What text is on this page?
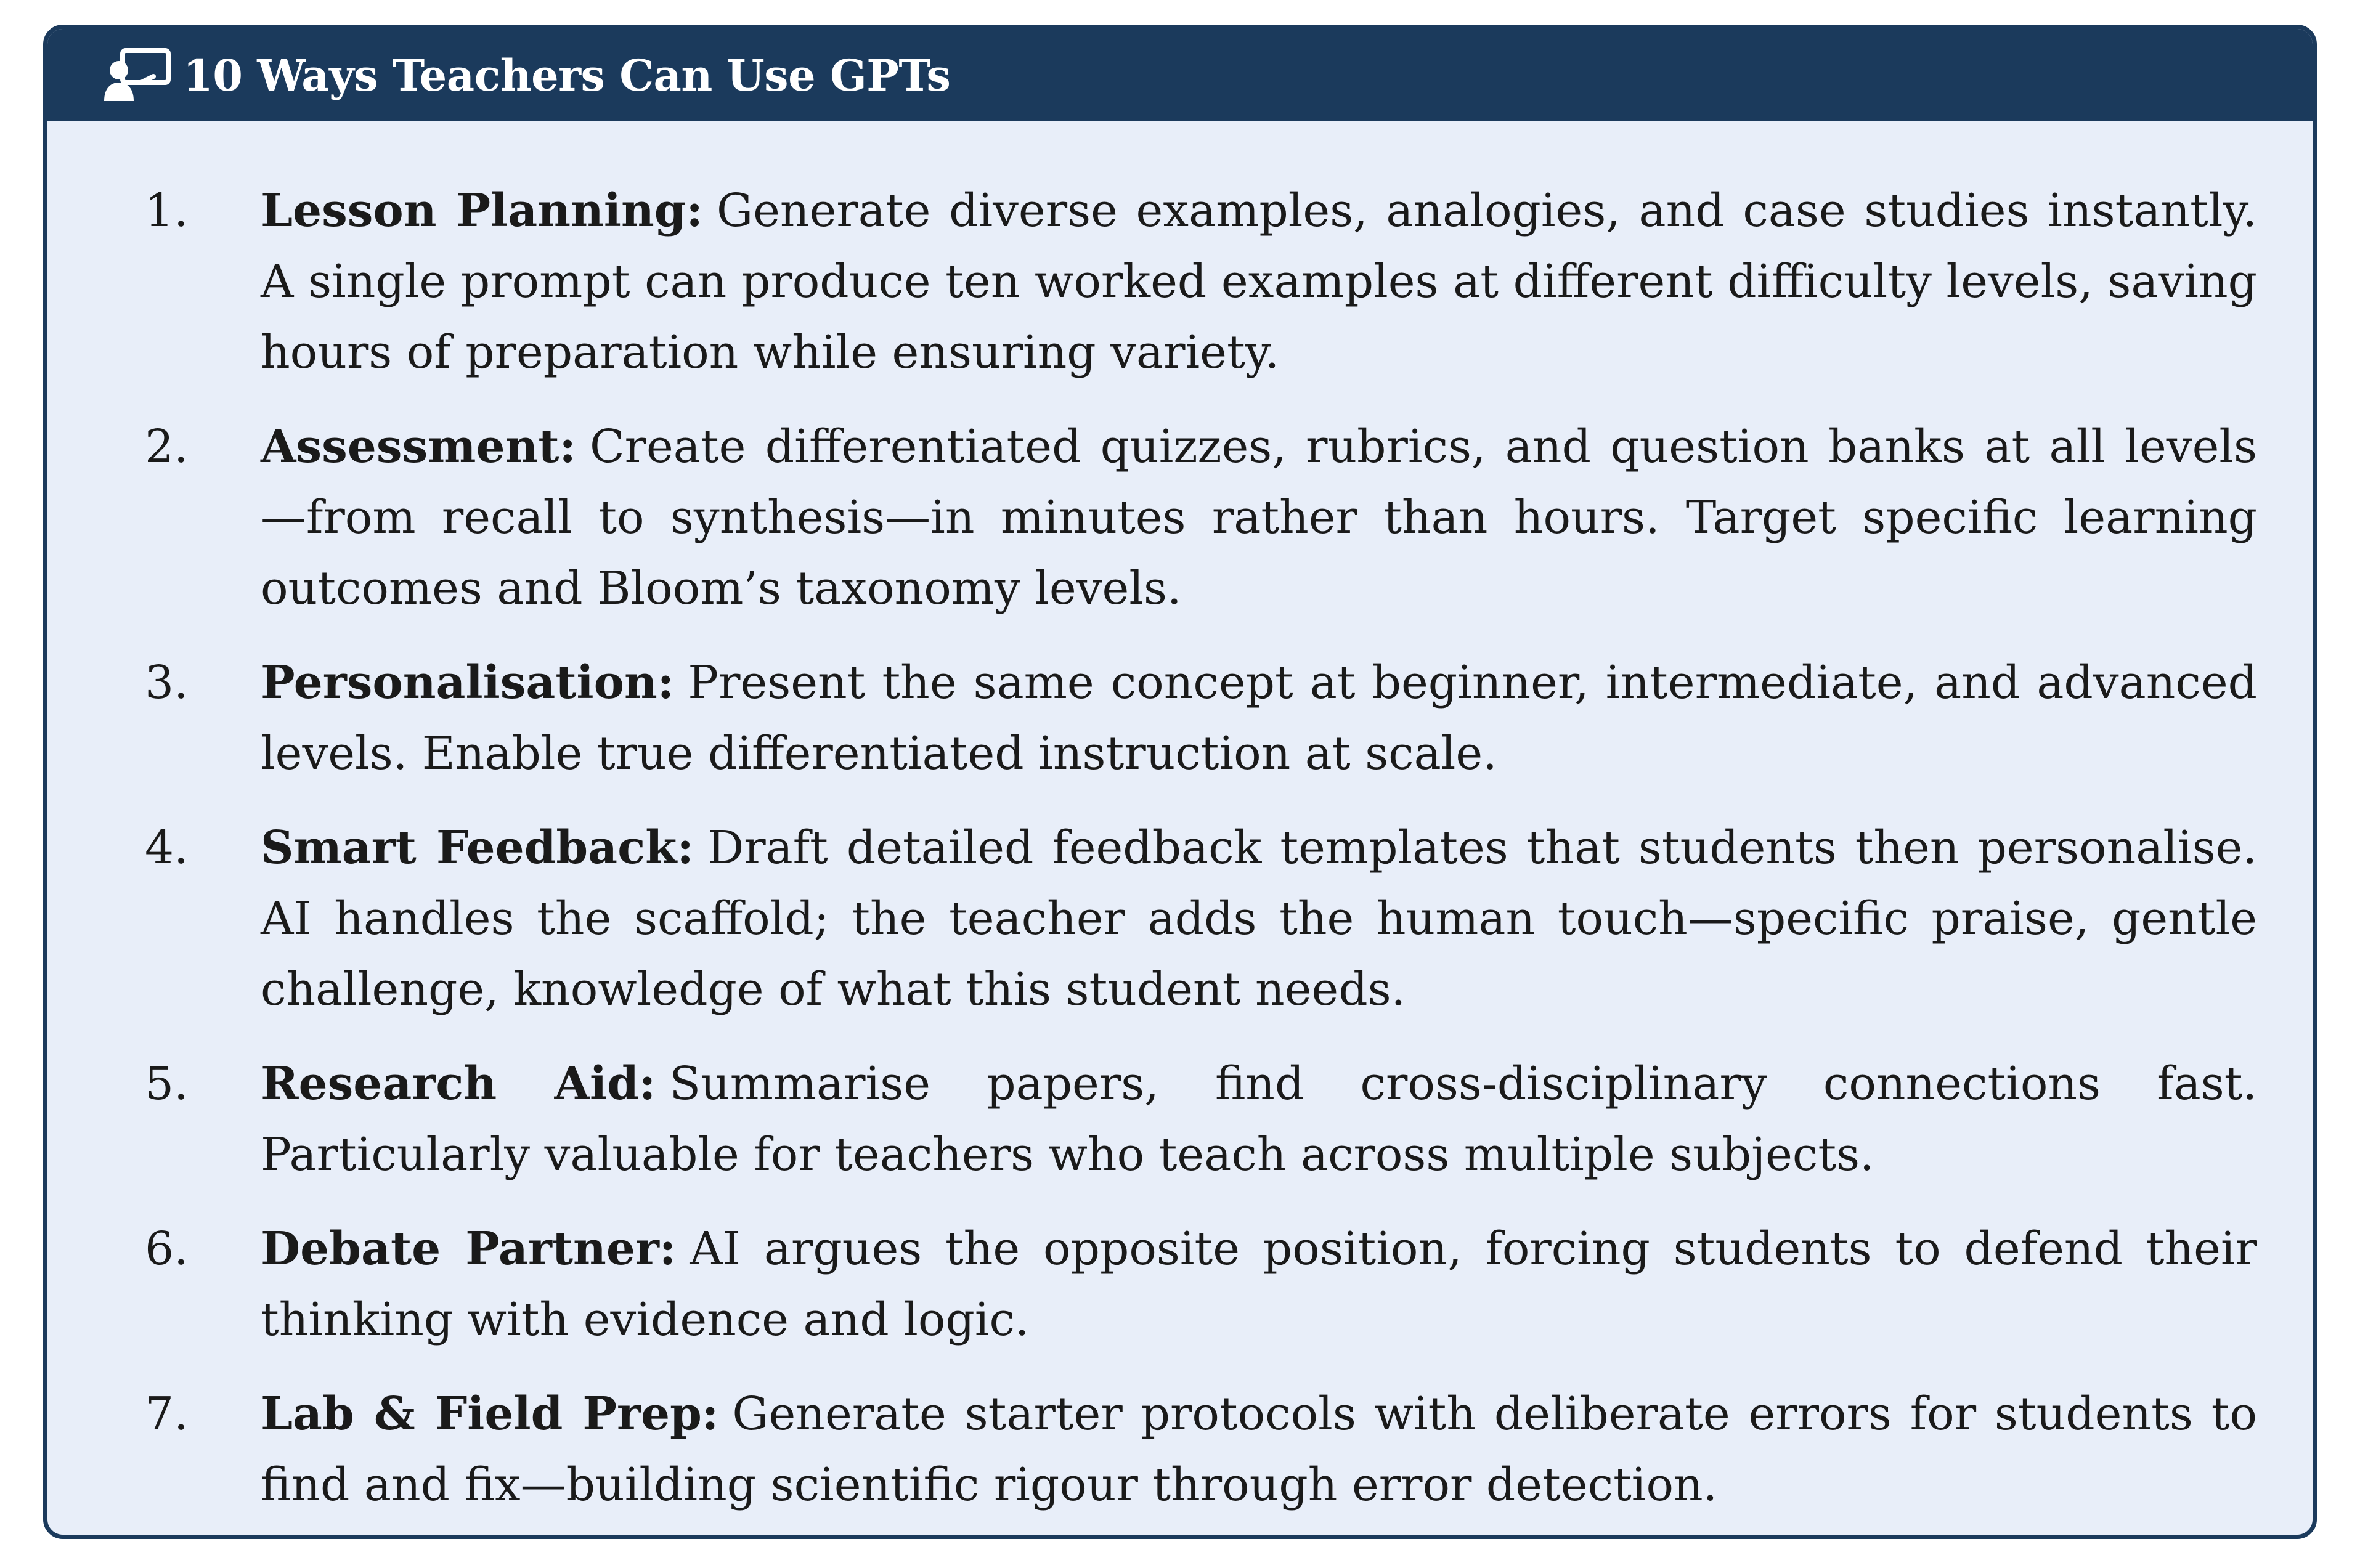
10 Ways Teachers Can Use GPTs
1.	Lesson Planning: Generate diverse examples, analogies, and case studies instantly. A single prompt can produce ten worked examples at different difficulty levels, saving hours of preparation while ensuring variety.
2.	Assessment: Create differentiated quizzes, rubrics, and question banks at all levels—from recall to synthesis—in minutes rather than hours. Target specific learning outcomes and Bloom’s taxonomy levels.
3.	Personalisation: Present the same concept at beginner, intermediate, and advanced levels. Enable true differentiated instruction at scale.
4.	Smart Feedback: Draft detailed feedback templates that students then personalise. AI handles the scaffold; the teacher adds the human touch—specific praise, gentle challenge, knowledge of what this student needs.
5.	Research Aid: Summarise papers, find cross-disciplinary connections fast. Particularly valuable for teachers who teach across multiple subjects.
6.	Debate Partner: AI argues the opposite position, forcing students to defend their thinking with evidence and logic.
7.	Lab & Field Prep: Generate starter protocols with deliberate errors for students to find and fix—building scientific rigour through error detection.
